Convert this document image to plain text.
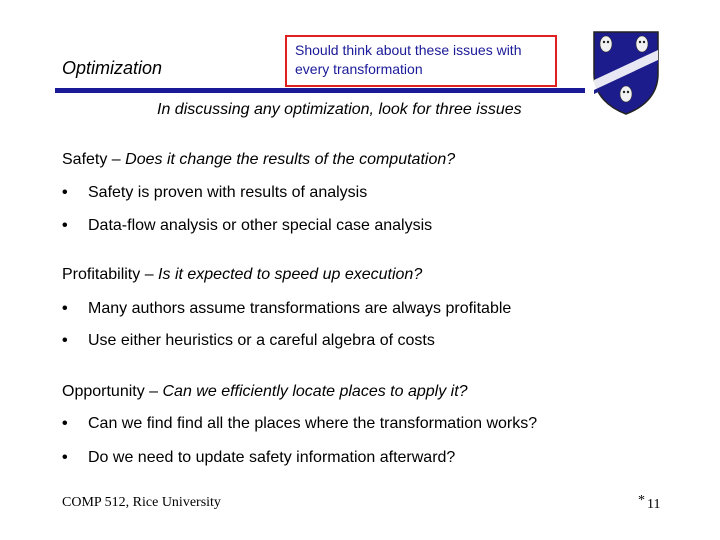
Optimization
Should think about these issues with every transformation
In discussing any optimization, look for three issues
Safety – Does it change the results of the computation?
• Safety is proven with results of analysis
• Data-flow analysis or other special case analysis
Profitability – Is it expected to speed up execution?
• Many authors assume transformations are always profitable
• Use either heuristics or a careful algebra of costs
Opportunity – Can we efficiently locate places to apply it?
• Can we find find all the places where the transformation works?
• Do we need to update safety information afterward?
COMP 512, Rice University	* 11
